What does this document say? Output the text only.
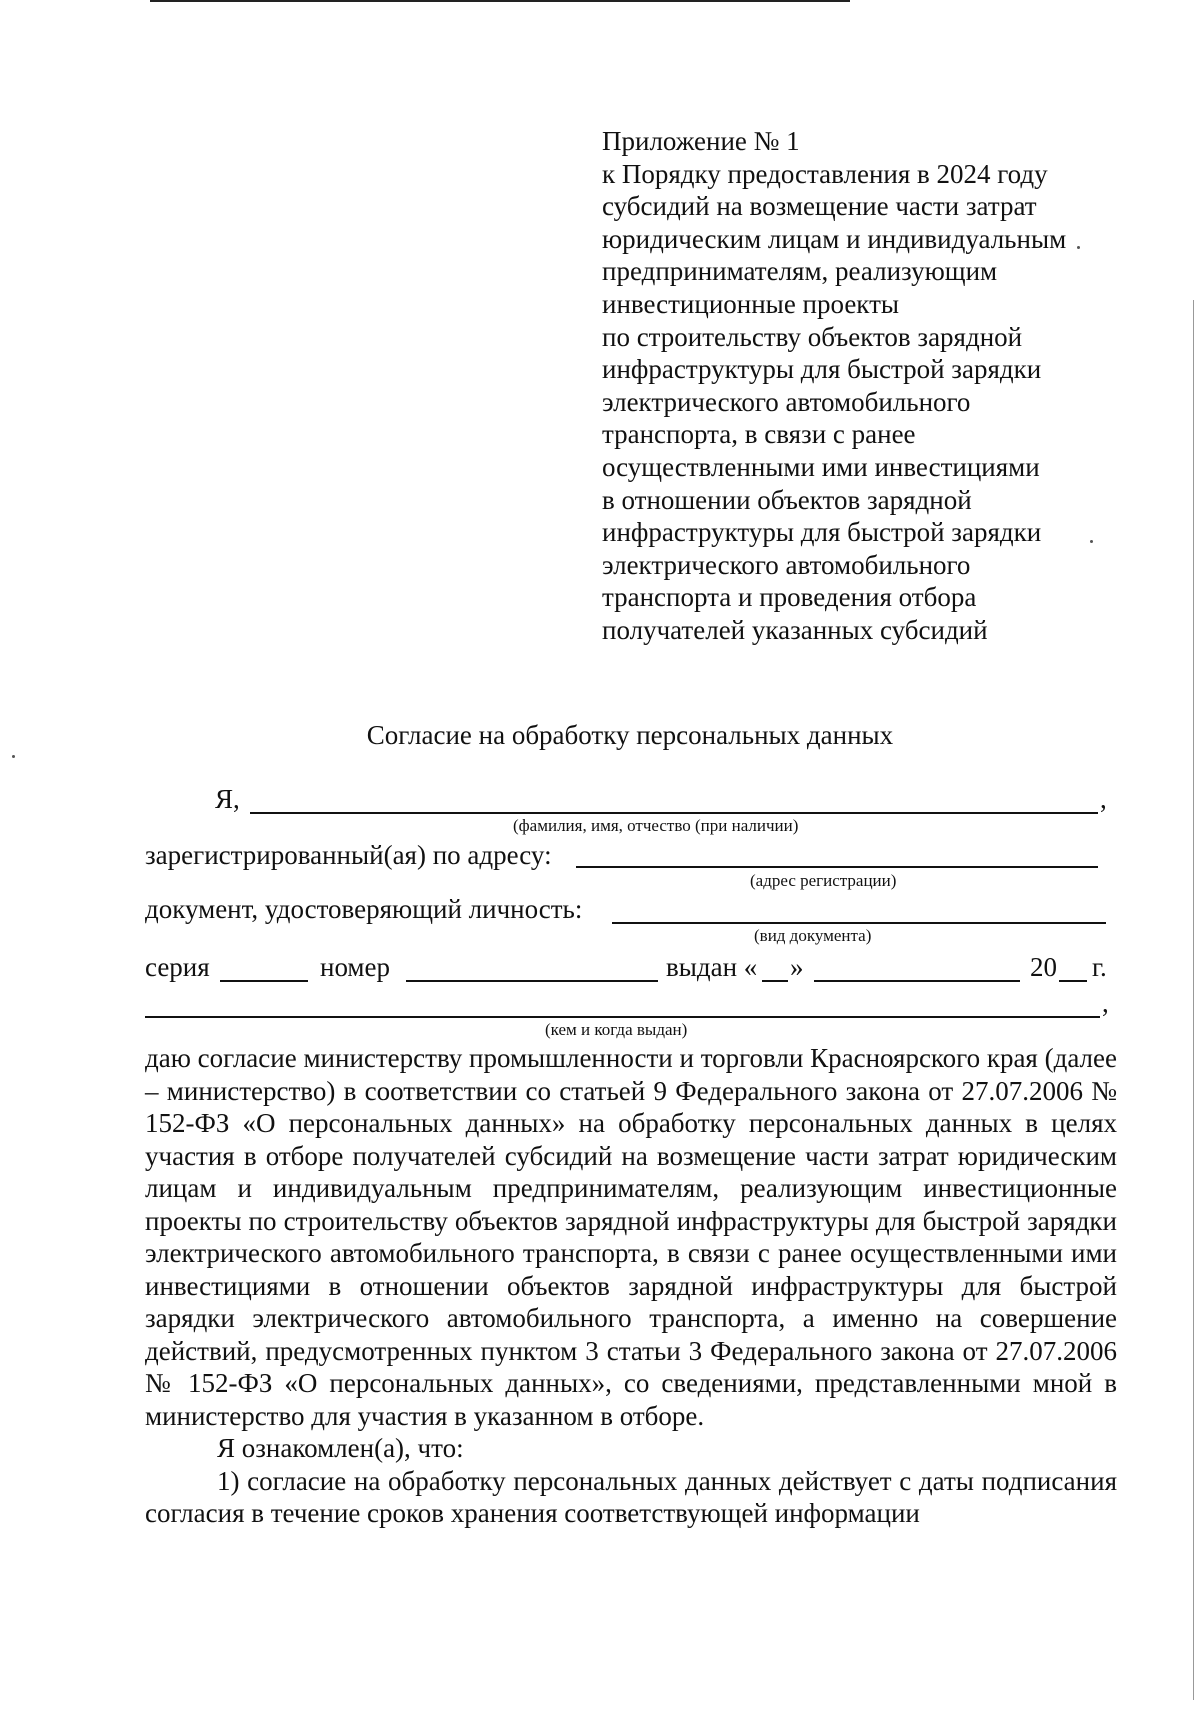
Приложение № 1
к Порядку предоставления в 2024 году
субсидий на возмещение части затрат
юридическим лицам и индивидуальным
предпринимателям, реализующим
инвестиционные проекты
по строительству объектов зарядной
инфраструктуры для быстрой зарядки
электрического автомобильного
транспорта, в связи с ранее
осуществленными ими инвестициями
в отношении объектов зарядной
инфраструктуры для быстрой зарядки
электрического автомобильного
транспорта и проведения отбора
получателей указанных субсидий
Согласие на обработку персональных данных
Я,	,
(фамилия, имя, отчество (при наличии)
зарегистрированный(ая) по адресу:
(адрес регистрации)
документ, удостоверяющий личность:
(вид документа)
серия	номер	выдан « »	20 г.
,
(кем и когда выдан)

даю согласие министерству промышленности и торговли Красноярского края (далее – министерство) в соответствии со статьей 9 Федерального закона от 27.07.2006 № 152-ФЗ «О персональных данных» на обработку персональных данных в целях участия в отборе получателей субсидий на возмещение части затрат юридическим лицам и индивидуальным предпринимателям, реализующим инвестиционные проекты по строительству объектов зарядной инфраструктуры для быстрой зарядки электрического автомобильного транспорта, в связи с ранее осуществленными ими инвестициями в отношении объектов зарядной инфраструктуры для быстрой зарядки электрического автомобильного транспорта, а именно на совершение действий, предусмотренных пунктом 3 статьи 3 Федерального закона от 27.07.2006 № 152-ФЗ «О персональных данных», со сведениями, представленными мной в министерство для участия в указанном в отборе.

Я ознакомлен(а), что:

1) согласие на обработку персональных данных действует с даты подписания согласия в течение сроков хранения соответствующей информации
